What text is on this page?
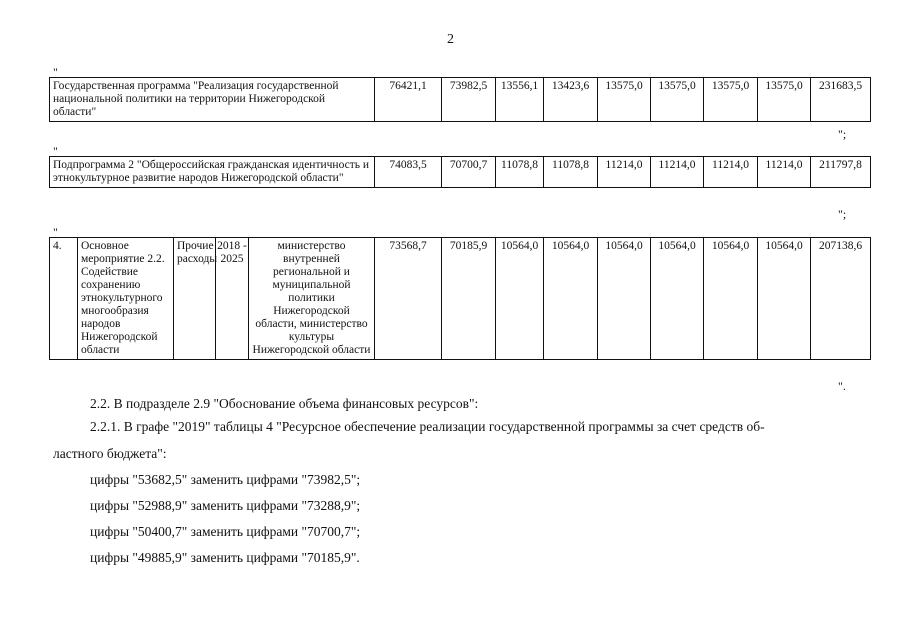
2
"
Государственная программа "Реализация государственной национальной политики на территории Нижегородской области"	76421,1	73982,5	13556,1	13423,6	13575,0	13575,0	13575,0	13575,0	231683,5
";
"
Подпрограмма 2 "Общероссийская гражданская идентичность и этнокультурное развитие народов Нижегородской области"	74083,5	70700,7	11078,8	11078,8	11214,0	11214,0	11214,0	11214,0	211797,8
";
"
4.	Основное мероприятие 2.2. Содействие сохранению этнокультурного многообразия народов Нижегородской области	Прочие расходы	2018 - 2025	министерство внутренней региональной и муниципальной политики Нижегородской области, министерство культуры Нижегородской области	73568,7	70185,9	10564,0	10564,0	10564,0	10564,0	10564,0	10564,0	207138,6
".
2.2. В подразделе 2.9 "Обоснование объема финансовых ресурсов":
2.2.1. В графе "2019" таблицы 4 "Ресурсное обеспечение реализации государственной программы за счет средств об-
ластного бюджета":
цифры "53682,5" заменить цифрами "73982,5";
цифры "52988,9" заменить цифрами "73288,9";
цифры "50400,7" заменить цифрами "70700,7";
цифры "49885,9" заменить цифрами "70185,9".
